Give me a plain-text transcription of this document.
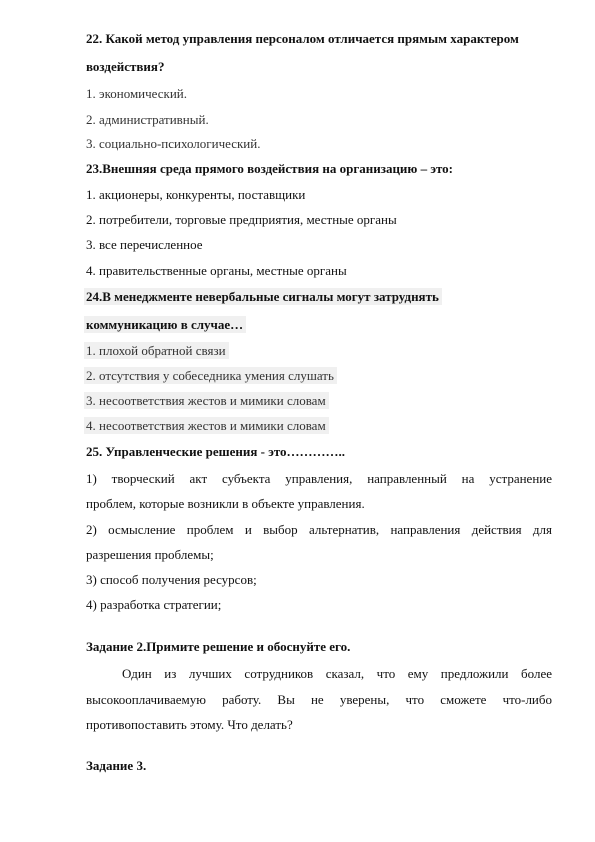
22. Какой метод управления персоналом отличается прямым характером
воздействия?
1. экономический.
2. административный.
3. социально-психологический.
23.Внешняя среда прямого воздействия на организацию – это:
1. акционеры, конкуренты, поставщики
2. потребители, торговые предприятия, местные органы
3. все перечисленное
4. правительственные органы, местные органы
24.В менеджменте невербальные сигналы могут затруднять
коммуникацию в случае…
1. плохой обратной связи
2. отсутствия у собеседника умения слушать
3. несоответствия жестов и мимики словам
4. несоответствия жестов и мимики словам
25. Управленческие решения - это…………..
1) творческий акт субъекта управления, направленный на устранение
проблем, которые возникли в объекте управления.
2) осмысление проблем и выбор альтернатив, направления действия для
разрешения проблемы;
3) способ получения ресурсов;
4) разработка стратегии;
Задание 2.Примите решение и обоснуйте его.
Один из лучших сотрудников сказал, что ему предложили более
высокооплачиваемую работу. Вы не уверены, что сможете что-либо
противопоставить этому. Что делать?
Задание 3.
